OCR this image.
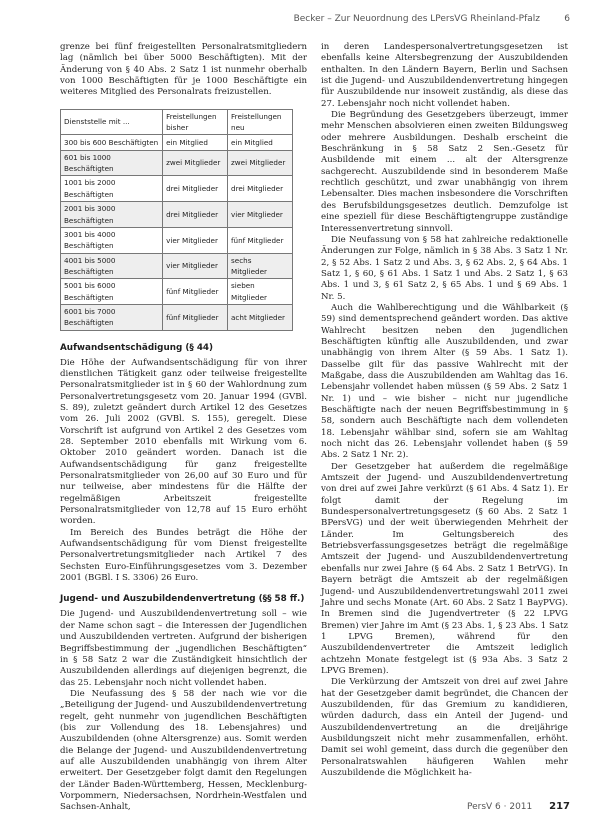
Becker – Zur Neuordnung des LPersVG Rheinland-Pfalz	6

grenze bei fünf freigestellten Personalratsmitgliedern lag (nämlich bei über 5000 Beschäftigten). Mit der Änderung von § 40 Abs. 2 Satz 1 ist nunmehr oberhalb von 1000 Beschäftigten für je 1000 Beschäftigte ein weiteres Mitglied des Personalrats freizustellen.

Dienststelle mit ...	Freistellungen bisher	Freistellungen neu
300 bis 600 Beschäftigten	ein Mitglied	ein Mitglied
601 bis 1000 Beschäftigten	zwei Mitglieder	zwei Mitglieder
1001 bis 2000 Beschäftigten	drei Mitglieder	drei Mitglieder
2001 bis 3000 Beschäftigten	drei Mitglieder	vier Mitglieder
3001 bis 4000 Beschäftigten	vier Mitglieder	fünf Mitglieder
4001 bis 5000 Beschäftigten	vier Mitglieder	sechs Mitglieder
5001 bis 6000 Beschäftigten	fünf Mitglieder	sieben Mitglieder
6001 bis 7000 Beschäftigten	fünf Mitglieder	acht Mitglieder
Aufwandsentschädigung (§ 44)

Die Höhe der Aufwandsentschädigung für von ihrer dienstlichen Tätigkeit ganz oder teilweise freigestellte Personalratsmitglieder ist in § 60 der Wahlordnung zum Personalvertretungsgesetz vom 20. Januar 1994 (GVBl. S. 89), zuletzt geändert durch Artikel 12 des Gesetzes vom 26. Juli 2002 (GVBl. S. 155), geregelt. Diese Vorschrift ist aufgrund von Artikel 2 des Gesetzes vom 28. September 2010 ebenfalls mit Wirkung vom 6. Oktober 2010 geändert worden. Danach ist die Aufwandsentschädigung für ganz freigestellte Personalratsmitglieder von 26,00 auf 30 Euro und für nur teilweise, aber mindestens für die Hälfte der regelmäßigen Arbeitszeit freigestellte Personalratsmitglieder von 12,78 auf 15 Euro erhöht worden.

Im Bereich des Bundes beträgt die Höhe der Aufwandsentschädigung für vom Dienst freigestellte Personalvertretungsmitglieder nach Artikel 7 des Sechsten Euro-Einführungsgesetzes vom 3. Dezember 2001 (BGBl. I S. 3306) 26 Euro.

Jugend- und Auszubildendenvertretung (§§ 58 ff.)

Die Jugend- und Auszubildendenvertretung soll – wie der Name schon sagt – die Interessen der Jugendlichen und Auszubildenden vertreten. Aufgrund der bisherigen Begriffsbestimmung der „jugendlichen Beschäftigten“ in § 58 Satz 2 war die Zuständigkeit hinsichtlich der Auszubildenden allerdings auf diejenigen begrenzt, die das 25. Lebensjahr noch nicht vollendet haben.

Die Neufassung des § 58 der nach wie vor die „Beteiligung der Jugend- und Auszubildendenvertretung regelt, geht nunmehr von jugendlichen Beschäftigten (bis zur Vollendung des 18. Lebensjahres) und Auszubildenden (ohne Altersgrenze) aus. Somit werden die Belange der Jugend- und Auszubildendenvertretung auf alle Auszubildenden unabhängig von ihrem Alter erweitert. Der Gesetzgeber folgt damit den Regelungen der Länder Baden-Württemberg, Hessen, Mecklenburg-Vorpommern, Niedersachsen, Nordrhein-Westfalen und Sachsen-Anhalt,

in deren Landespersonalvertretungsgesetzen ist ebenfalls keine Altersbegrenzung der Auszubildenden enthalten. In den Ländern Bayern, Berlin und Sachsen ist die Jugend- und Auszubildendenvertretung hingegen für Auszubildende nur insoweit zuständig, als diese das 27. Lebensjahr noch nicht vollendet haben.

Die Begründung des Gesetzgebers überzeugt, immer mehr Menschen absolvieren einen zweiten Bildungsweg oder mehrere Ausbildungen. Deshalb erscheint die Beschränkung in § 58 Satz 2 Sen.-Gesetz für Ausbildende mit einem ... alt der Altersgrenze sachgerecht. Auszubildende sind in besonderem Maße rechtlich geschützt, und zwar unabhängig von ihrem Lebensalter. Dies machen insbesondere die Vorschriften des Berufsbildungsgesetzes deutlich. Demzufolge ist eine speziell für diese Beschäftigtengruppe zuständige Interessenvertretung sinnvoll.

Die Neufassung von § 58 hat zahlreiche redaktionelle Änderungen zur Folge, nämlich in § 38 Abs. 3 Satz 1 Nr. 2, § 52 Abs. 1 Satz 2 und Abs. 3, § 62 Abs. 2, § 64 Abs. 1 Satz 1, § 60, § 61 Abs. 1 Satz 1 und Abs. 2 Satz 1, § 63 Abs. 1 und 3, § 61 Satz 2, § 65 Abs. 1 und § 69 Abs. 1 Nr. 5.

Auch die Wahlberechtigung und die Wählbarkeit (§ 59) sind dementsprechend geändert worden. Das aktive Wahlrecht besitzen neben den jugendlichen Beschäftigten künftig alle Auszubildenden, und zwar unabhängig von ihrem Alter (§ 59 Abs. 1 Satz 1). Dasselbe gilt für das passive Wahlrecht mit der Maßgabe, dass die Auszubildenden am Wahltag das 16. Lebensjahr vollendet haben müssen (§ 59 Abs. 2 Satz 1 Nr. 1) und – wie bisher – nicht nur jugendliche Beschäftigte nach der neuen Begriffsbestimmung in § 58, sondern auch Beschäftigte nach dem vollendeten 18. Lebensjahr wählbar sind, sofern sie am Wahltag noch nicht das 26. Lebensjahr vollendet haben (§ 59 Abs. 2 Satz 1 Nr. 2).

Der Gesetzgeber hat außerdem die regelmäßige Amtszeit der Jugend- und Auszubildendenvertretung von drei auf zwei Jahre verkürzt (§ 61 Abs. 4 Satz 1). Er folgt damit der Regelung im Bundespersonalvertretungsgesetz (§ 60 Abs. 2 Satz 1 BPersVG) und der weit überwiegenden Mehrheit der Länder. Im Geltungsbereich des Betriebsverfassungsgesetzes beträgt die regelmäßige Amtszeit der Jugend- und Auszubildendenvertretung ebenfalls nur zwei Jahre (§ 64 Abs. 2 Satz 1 BetrVG). In Bayern beträgt die Amtszeit ab der regelmäßigen Jugend- und Auszubildendenvertretungswahl 2011 zwei Jahre und sechs Monate (Art. 60 Abs. 2 Satz 1 BayPVG). In Bremen sind die Jugendvertreter (§ 22 LPVG Bremen) vier Jahre im Amt (§ 23 Abs. 1, § 23 Abs. 1 Satz 1 LPVG Bremen), während für den Auszubildendenvertreter die Amtszeit lediglich achtzehn Monate festgelegt ist (§ 93a Abs. 3 Satz 2 LPVG Bremen).

Die Verkürzung der Amtszeit von drei auf zwei Jahre hat der Gesetzgeber damit begründet, die Chancen der Auszubildenden, für das Gremium zu kandidieren, würden dadurch, dass ein Anteil der Jugend- und Auszubildendenvertretung an die dreijährige Ausbildungszeit nicht mehr zusammenfallen, erhöht. Damit sei wohl gemeint, dass durch die gegenüber den Personalratswahlen häufigeren Wahlen mehr Auszubildende die Möglichkeit ha-

PersV 6 · 2011 217
